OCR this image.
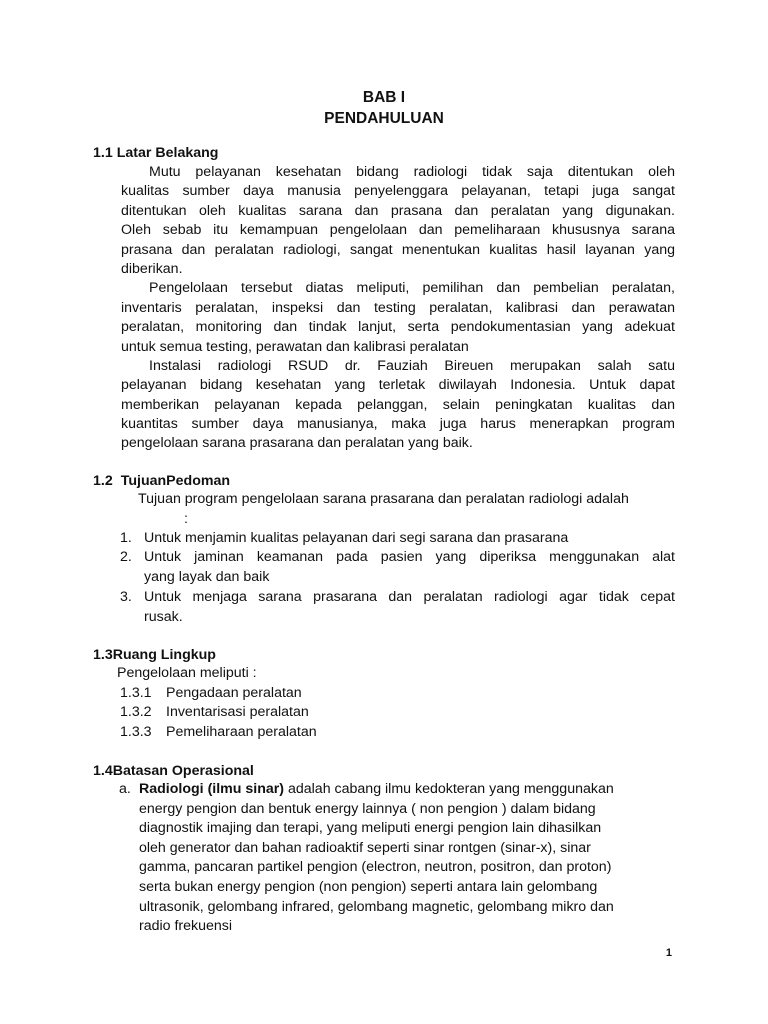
BAB I
PENDAHULUAN
1.1 Latar Belakang
Mutu pelayanan kesehatan bidang radiologi tidak saja ditentukan oleh
kualitas sumber daya manusia penyelenggara pelayanan, tetapi juga sangat
ditentukan oleh kualitas sarana dan prasana dan peralatan yang digunakan.
Oleh sebab itu kemampuan pengelolaan dan pemeliharaan khususnya sarana
prasana dan peralatan radiologi, sangat menentukan kualitas hasil layanan yang
diberikan.
Pengelolaan tersebut diatas meliputi, pemilihan dan pembelian peralatan,
inventaris peralatan, inspeksi dan testing peralatan, kalibrasi dan perawatan
peralatan, monitoring dan tindak lanjut, serta pendokumentasian yang adekuat
untuk semua testing, perawatan dan kalibrasi peralatan
Instalasi radiologi RSUD dr. Fauziah Bireuen merupakan salah satu
pelayanan bidang kesehatan yang terletak diwilayah Indonesia. Untuk dapat
memberikan pelayanan kepada pelanggan, selain peningkatan kualitas dan
kuantitas sumber daya manusianya, maka juga harus menerapkan program
pengelolaan sarana prasarana dan peralatan yang baik.
1.2 TujuanPedoman
Tujuan program pengelolaan sarana prasarana dan peralatan radiologi adalah
:
1. Untuk menjamin kualitas pelayanan dari segi sarana dan prasarana
2. Untuk jaminan keamanan pada pasien yang diperiksa menggunakan alat
yang layak dan baik
3. Untuk menjaga sarana prasarana dan peralatan radiologi agar tidak cepat
rusak.
1.3Ruang Lingkup
Pengelolaan meliputi :
1.3.1 Pengadaan peralatan
1.3.2 Inventarisasi peralatan
1.3.3 Pemeliharaan peralatan
1.4Batasan Operasional
a. Radiologi (ilmu sinar) adalah cabang ilmu kedokteran yang menggunakan
energy pengion dan bentuk energy lainnya ( non pengion ) dalam bidang
diagnostik imajing dan terapi, yang meliputi energi pengion lain dihasilkan
oleh generator dan bahan radioaktif seperti sinar rontgen (sinar-x), sinar
gamma, pancaran partikel pengion (electron, neutron, positron, dan proton)
serta bukan energy pengion (non pengion) seperti antara lain gelombang
ultrasonik, gelombang infrared, gelombang magnetic, gelombang mikro dan
radio frekuensi
1
